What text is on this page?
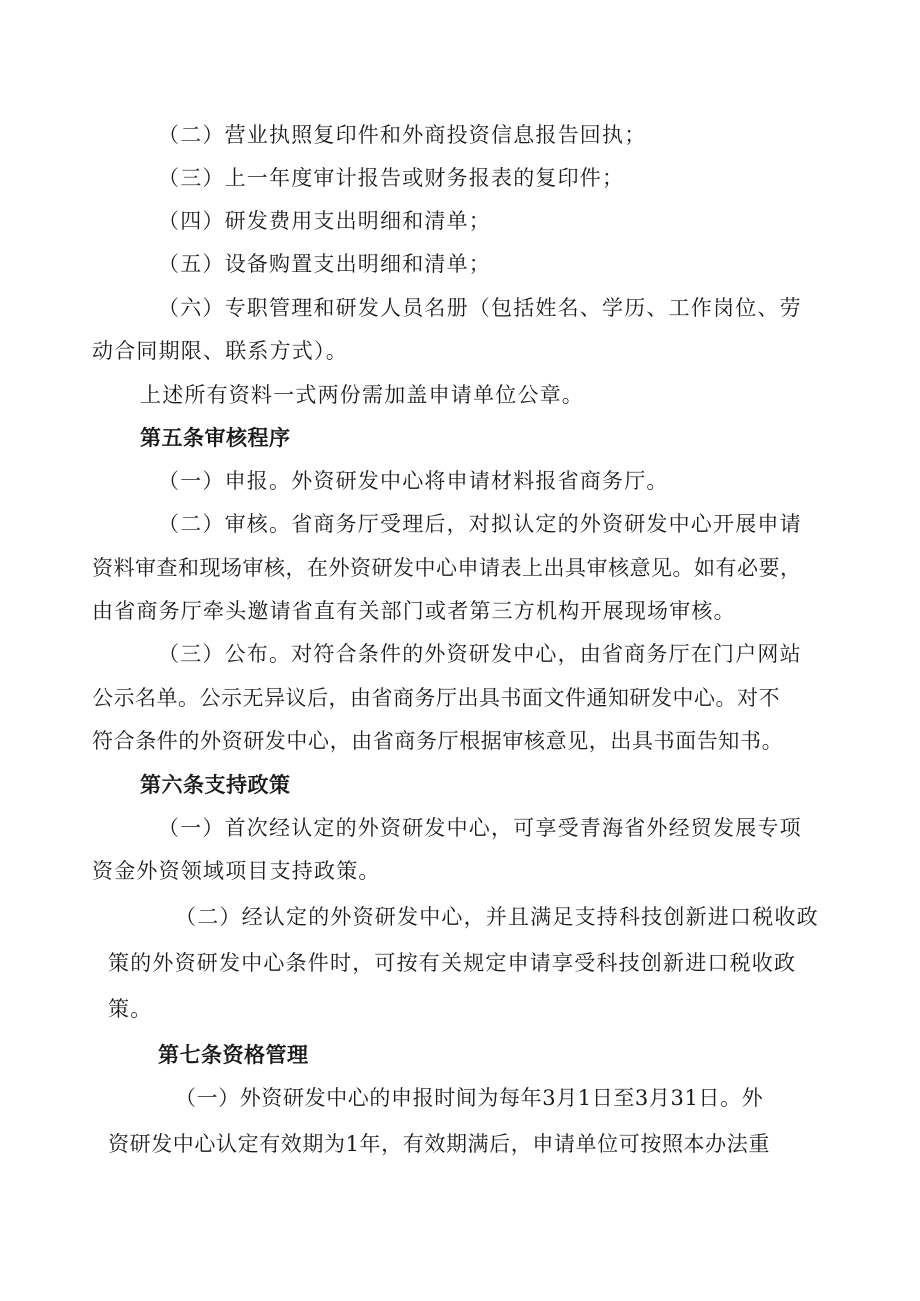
（二）营业执照复印件和外商投资信息报告回执；
（三）上一年度审计报告或财务报表的复印件；
（四）研发费用支出明细和清单；
（五）设备购置支出明细和清单；
（六）专职管理和研发人员名册（包括姓名、学历、工作岗位、劳
动合同期限、联系方式）。
上述所有资料一式两份需加盖申请单位公章。
第五条审核程序
（一）申报。外资研发中心将申请材料报省商务厅。
（二）审核。省商务厅受理后，对拟认定的外资研发中心开展申请
资料审查和现场审核，在外资研发中心申请表上出具审核意见。如有必要，
由省商务厅牵头邀请省直有关部门或者第三方机构开展现场审核。
（三）公布。对符合条件的外资研发中心，由省商务厅在门户网站
公示名单。公示无异议后，由省商务厅出具书面文件通知研发中心。对不
符合条件的外资研发中心，由省商务厅根据审核意见，出具书面告知书。
第六条支持政策
（一）首次经认定的外资研发中心，可享受青海省外经贸发展专项
资金外资领域项目支持政策。
（二）经认定的外资研发中心，并且满足支持科技创新进口税收政
策的外资研发中心条件时，可按有关规定申请享受科技创新进口税收政
策。
第七条资格管理
（一）外资研发中心的申报时间为每年3月1日至3月31日。外
资研发中心认定有效期为1年，有效期满后，申请单位可按照本办法重
